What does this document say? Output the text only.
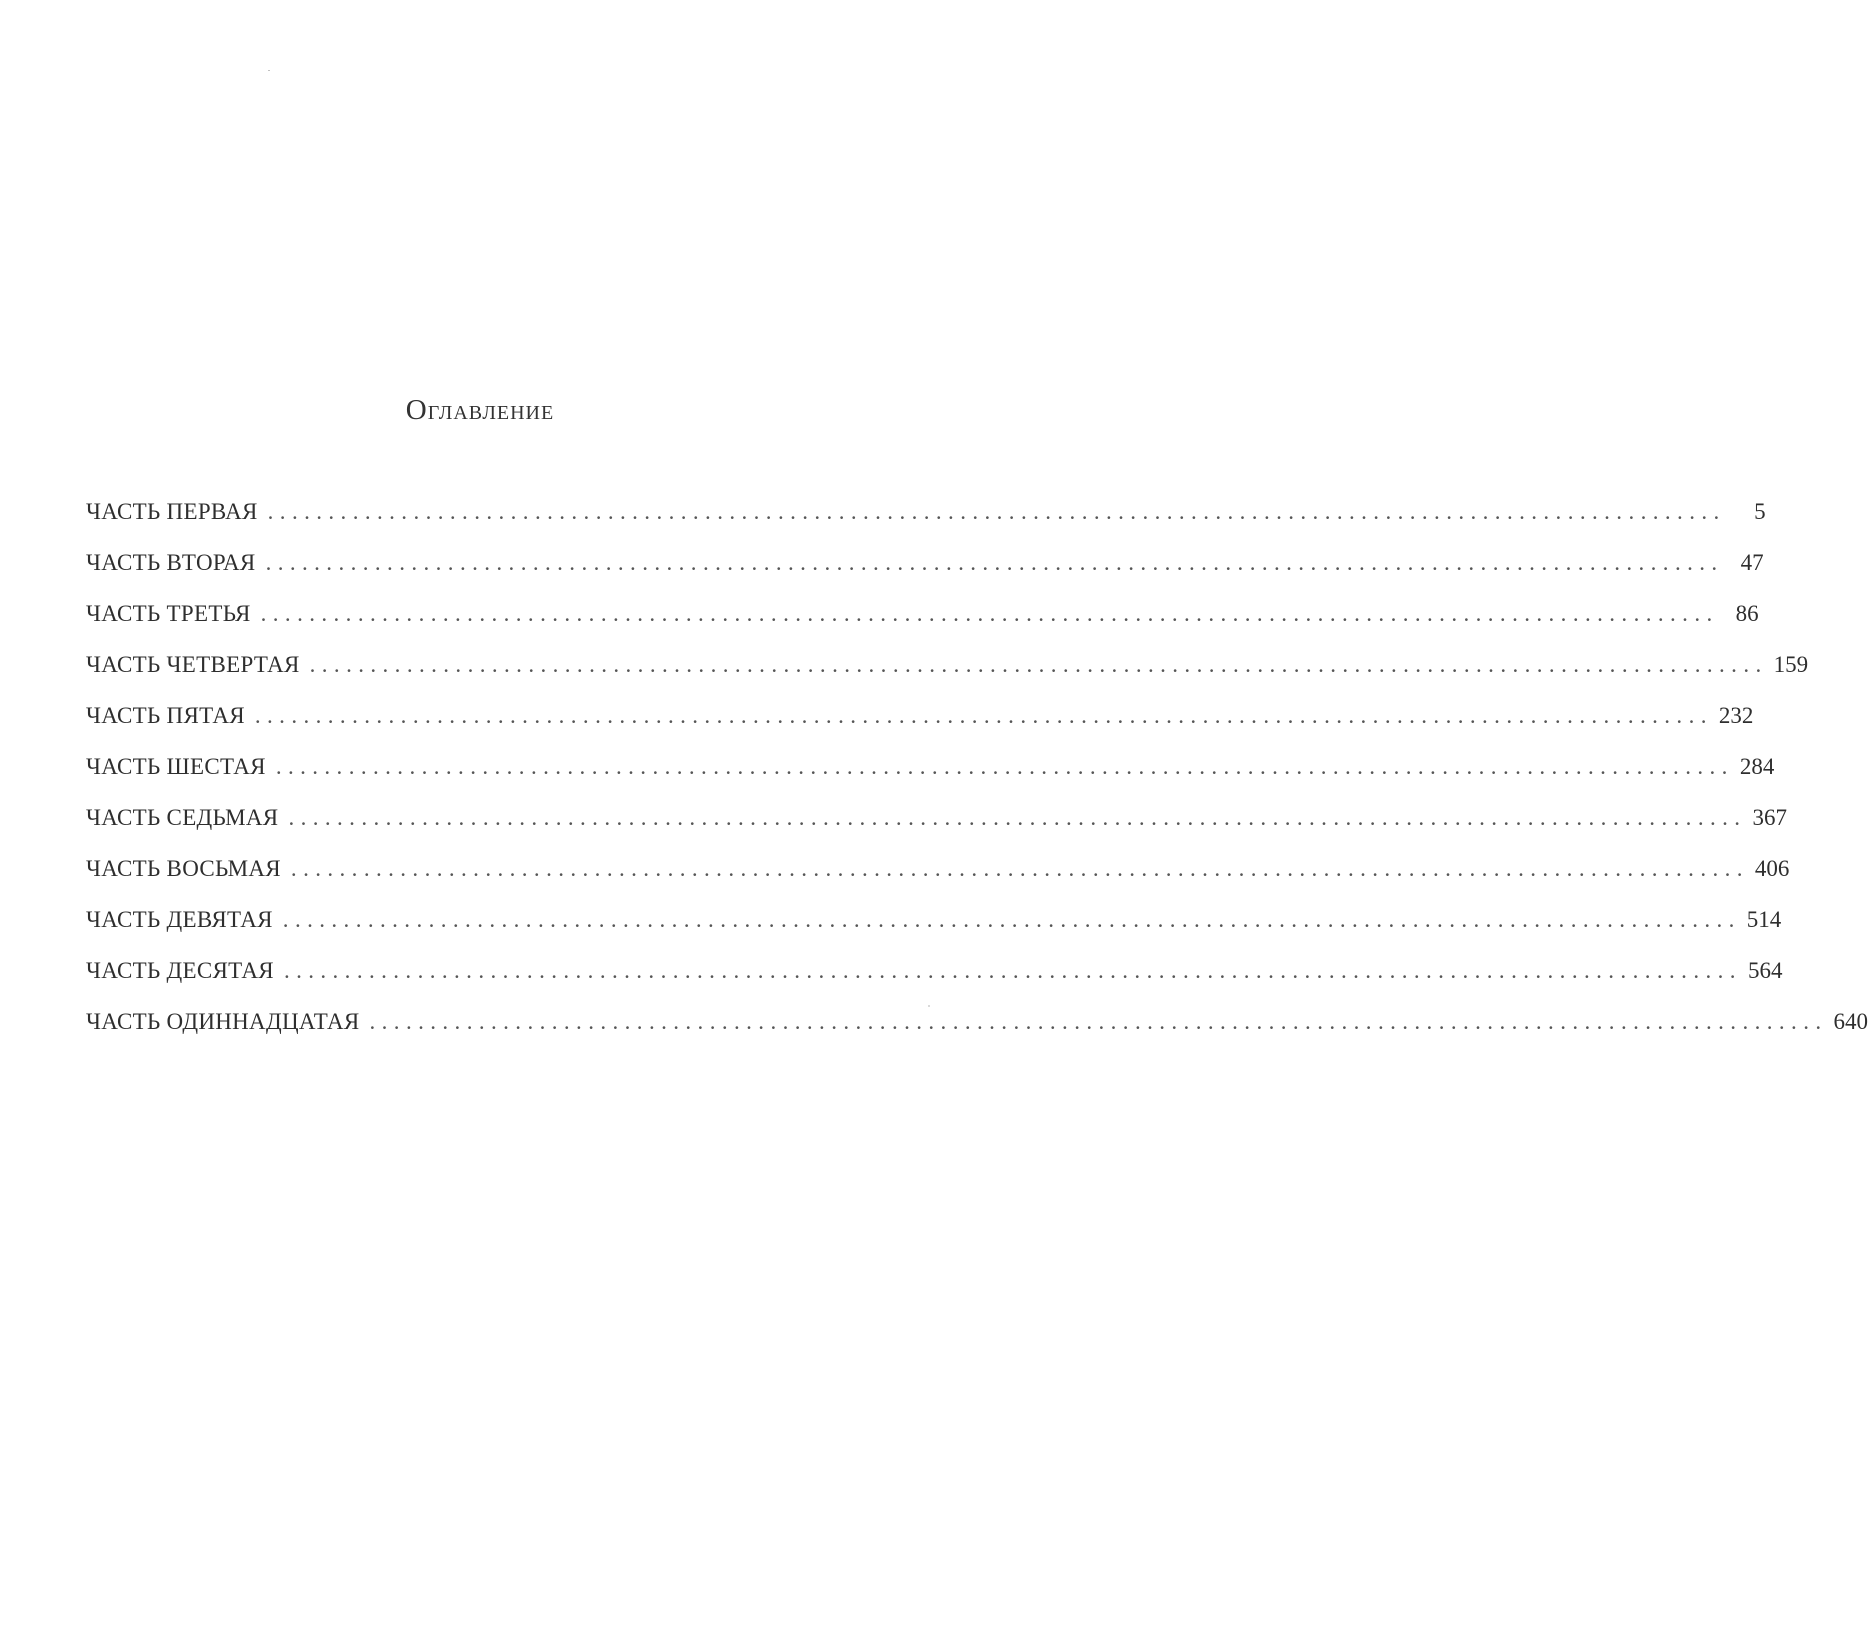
Оглавление
ЧАСТЬ ПЕРВАЯ ........................................................................................................................	5
ЧАСТЬ ВТОРАЯ ........................................................................................................................ 47
ЧАСТЬ ТРЕТЬЯ ........................................................................................................................ 86
ЧАСТЬ ЧЕТВЕРТАЯ ........................................................................................................................ 159
ЧАСТЬ ПЯТАЯ ........................................................................................................................ 232
ЧАСТЬ ШЕСТАЯ ........................................................................................................................ 284
ЧАСТЬ СЕДЬМАЯ ........................................................................................................................ 367
ЧАСТЬ ВОСЬМАЯ ........................................................................................................................ 406
ЧАСТЬ ДЕВЯТАЯ ........................................................................................................................ 514
ЧАСТЬ ДЕСЯТАЯ ........................................................................................................................ 564
ЧАСТЬ ОДИННАДЦАТАЯ ........................................................................................................................ 640
